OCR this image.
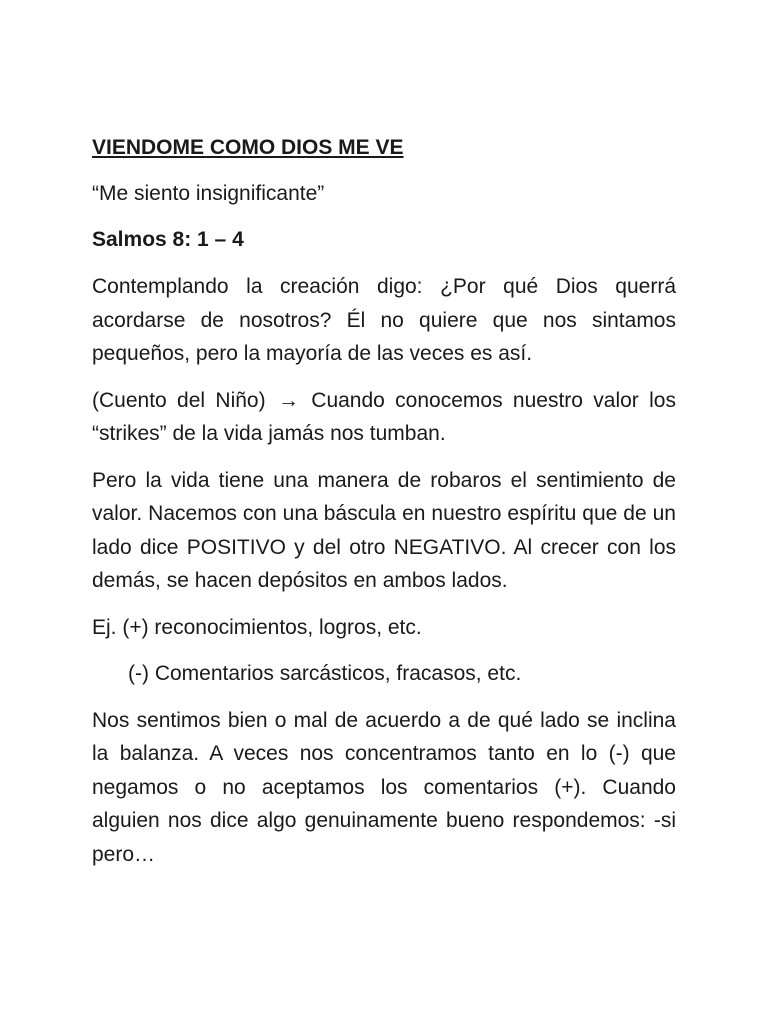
VIENDOME COMO DIOS ME VE
“Me siento insignificante”
Salmos 8: 1 – 4

Contemplando la creación digo: ¿Por qué Dios querrá acordarse de nosotros? Él no quiere que nos sintamos pequeños, pero la mayoría de las veces es así.

(Cuento del Niño) → Cuando conocemos nuestro valor los “strikes” de la vida jamás nos tumban.

Pero la vida tiene una manera de robaros el sentimiento de valor. Nacemos con una báscula en nuestro espíritu que de un lado dice POSITIVO y del otro NEGATIVO. Al crecer con los demás, se hacen depósitos en ambos lados.

Ej. (+) reconocimientos, logros, etc.

(-) Comentarios sarcásticos, fracasos, etc.

Nos sentimos bien o mal de acuerdo a de qué lado se inclina la balanza. A veces nos concentramos tanto en lo (-) que negamos o no aceptamos los comentarios (+). Cuando alguien nos dice algo genuinamente bueno respondemos: -si pero…
